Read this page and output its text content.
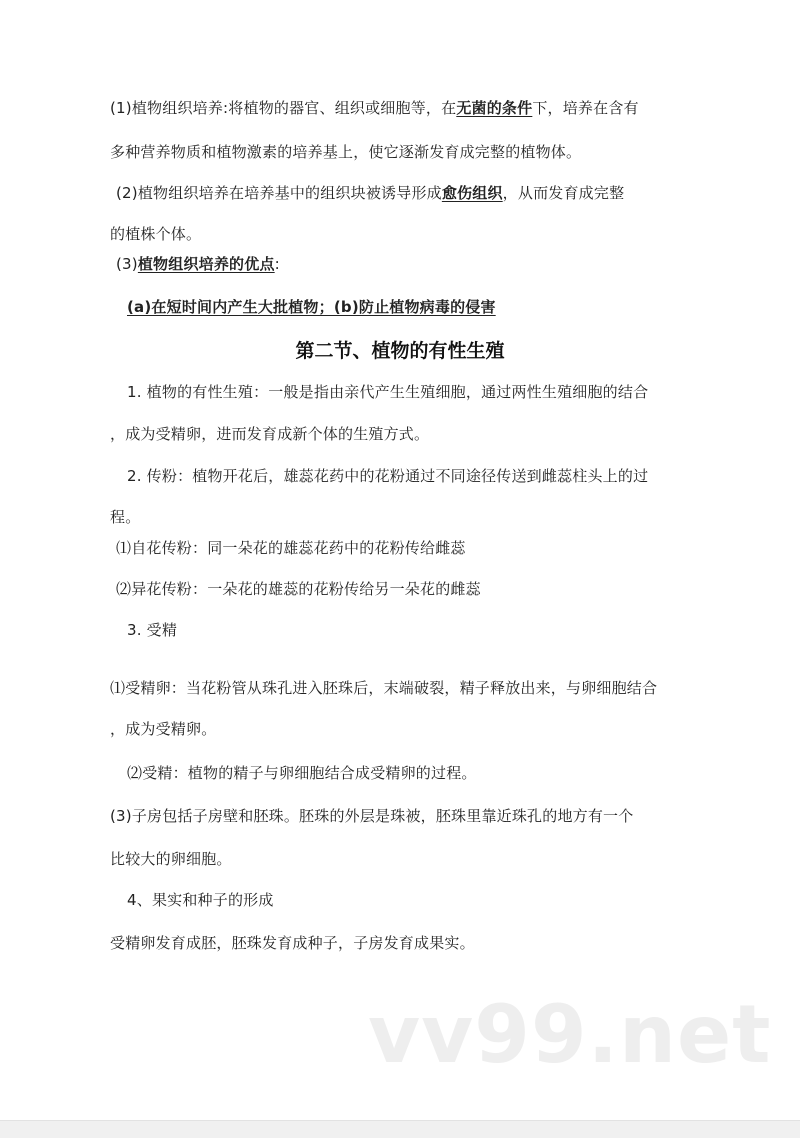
(1)植物组织培养:将植物的器官、组织或细胞等，在无菌的条件下，培养在含有
多种营养物质和植物激素的培养基上，使它逐渐发育成完整的植物体。
(2)植物组织培养在培养基中的组织块被诱导形成愈伤组织，从而发育成完整
的植株个体。
(3)植物组织培养的优点:
(a)在短时间内产生大批植物；(b)防止植物病毒的侵害
第二节、植物的有性生殖
1. 植物的有性生殖：一般是指由亲代产生生殖细胞，通过两性生殖细胞的结合
，成为受精卵，进而发育成新个体的生殖方式。
2. 传粉：植物开花后，雄蕊花药中的花粉通过不同途径传送到雌蕊柱头上的过
程。
⑴自花传粉：同一朵花的雄蕊花药中的花粉传给雌蕊
⑵异花传粉：一朵花的雄蕊的花粉传给另一朵花的雌蕊
3. 受精
⑴受精卵：当花粉管从珠孔进入胚珠后，末端破裂，精子释放出来，与卵细胞结合
，成为受精卵。
⑵受精：植物的精子与卵细胞结合成受精卵的过程。
(3)子房包括子房壁和胚珠。胚珠的外层是珠被，胚珠里靠近珠孔的地方有一个
比较大的卵细胞。
4、果实和种子的形成
受精卵发育成胚，胚珠发育成种子，子房发育成果实。
vv99.net
